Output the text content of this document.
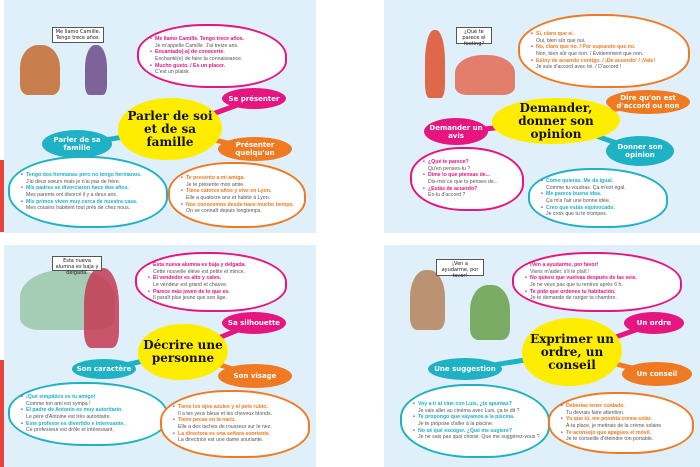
Me llamo Camille. Tengo trece años.	• Me llamo Camille. Tengo trece años.
Je m'appelle Camille. J'ai treize ans.
• Encantado(-a) de conocerte.
Enchanté(e) de faire ta connaissance.
• Mucho gusto. / Es un placer.
C'est un plaisir.
Se présenter
• Tengo dos hermanas pero no tengo hermanos.
J'ai deux sœurs mais je n'ai pas de frère.
• Mis padres se divorciaron hace dos años.
Mes parents ont divorcé il y a deux ans.
• Mis primos viven muy cerca de nuestra casa.
Mes cousins habitent tout près de chez nous.
Parler de sa famille
• Te presento a mi amiga.
Je te présente mon amie.
• Tiene catorce años y vive en Lyon.
Elle a quatorze ans et habite à Lyon.
• Nos conocemos desde hace mucho tiempo.
On se connaît depuis longtemps.
Présenter quelqu'un
Parler de soi et de sa famille
¿Qué te parece el footing?
• Sí, claro que sí.
Oui, bien sûr que oui.
• No, claro que no. / Por supuesto que no.
Non, bien sûr que non. / Évidemment que non.
• Estoy de acuerdo contigo. / ¡De acuerdo! / ¡Vale!
Je suis d'accord avec toi. / D'accord !
Dire qu'on est d'accord ou non
• ¿Qué te parece?
Qu'en penses-tu ?
• Dime lo que piensas de...
Dis-moi ce que tu penses de...
• ¿Estás de acuerdo?
Es-tu d'accord ?
Demander un avis
• Como quieras. Me da igual.
Comme tu voudras. Ça m'est égal.
• Me parece buena idea.
Ça m'a l'air une bonne idée.
• Creo que estás equivocado.
Je crois que tu te trompes.
Donner son opinion
Demander, donner son opinion
Esta nueva alumna es baja y delgada.
• Esta nueva alumna es baja y delgada.
Cette nouvelle élève est petite et mince.
• El vendedor es alto y calvo.
Le vendeur est grand et chauve.
• Parece más joven de lo que es.
Il paraît plus jeune que son âge.
Sa silhouette
• ¡Qué simpático es tu amigo!
Comme ton ami est sympa !
• El padre de Antonio es muy autoritario.
Le père d'Antoine est très autoritaire.
• Este profesor es divertido e interesante.
Ce professeur est drôle et intéressant.
Son caractère
• Tiene los ojos azules y el pelo rubio.
Il a les yeux bleus et les cheveux blonds.
• Tiene pecas en la nariz.
Elle a des taches de rousseur sur le nez.
• La directora es una señora sonriente.
La directrice est une dame souriante.
Son visage
Décrire une personne
¡Ven a ayudarme, por favor!
• ¡Ven a ayudarme, por favor!
Viens m'aider, s'il te plaît !
• No quiero que vuelvas después de las seis.
Je ne veux pas que tu rentres après 6 h.
• Te pido que ordenes tu habitación.
Je te demande de ranger ta chambre.
Un ordre
• Voy a ir al cine con Luis, ¿te apuntas?
Je vais aller au cinéma avec Luis, ça te dit ?
• Te propongo que vayamos a la piscina.
Je te propose d'aller à la piscine.
• No sé qué escoger. ¿Qué me sugiere?
Je ne sais pas quoi choisir. Que me suggérez-vous ?
Une suggestion
• Deberías tener cuidado.
Tu devrais faire attention.
• Yo que tú, me pondría crema solar.
À ta place, je mettrais de la crème solaire.
• Te aconsejo que apagues el móvil.
Je te conseille d'éteindre ton portable.
Un conseil
Exprimer un ordre, un conseil
